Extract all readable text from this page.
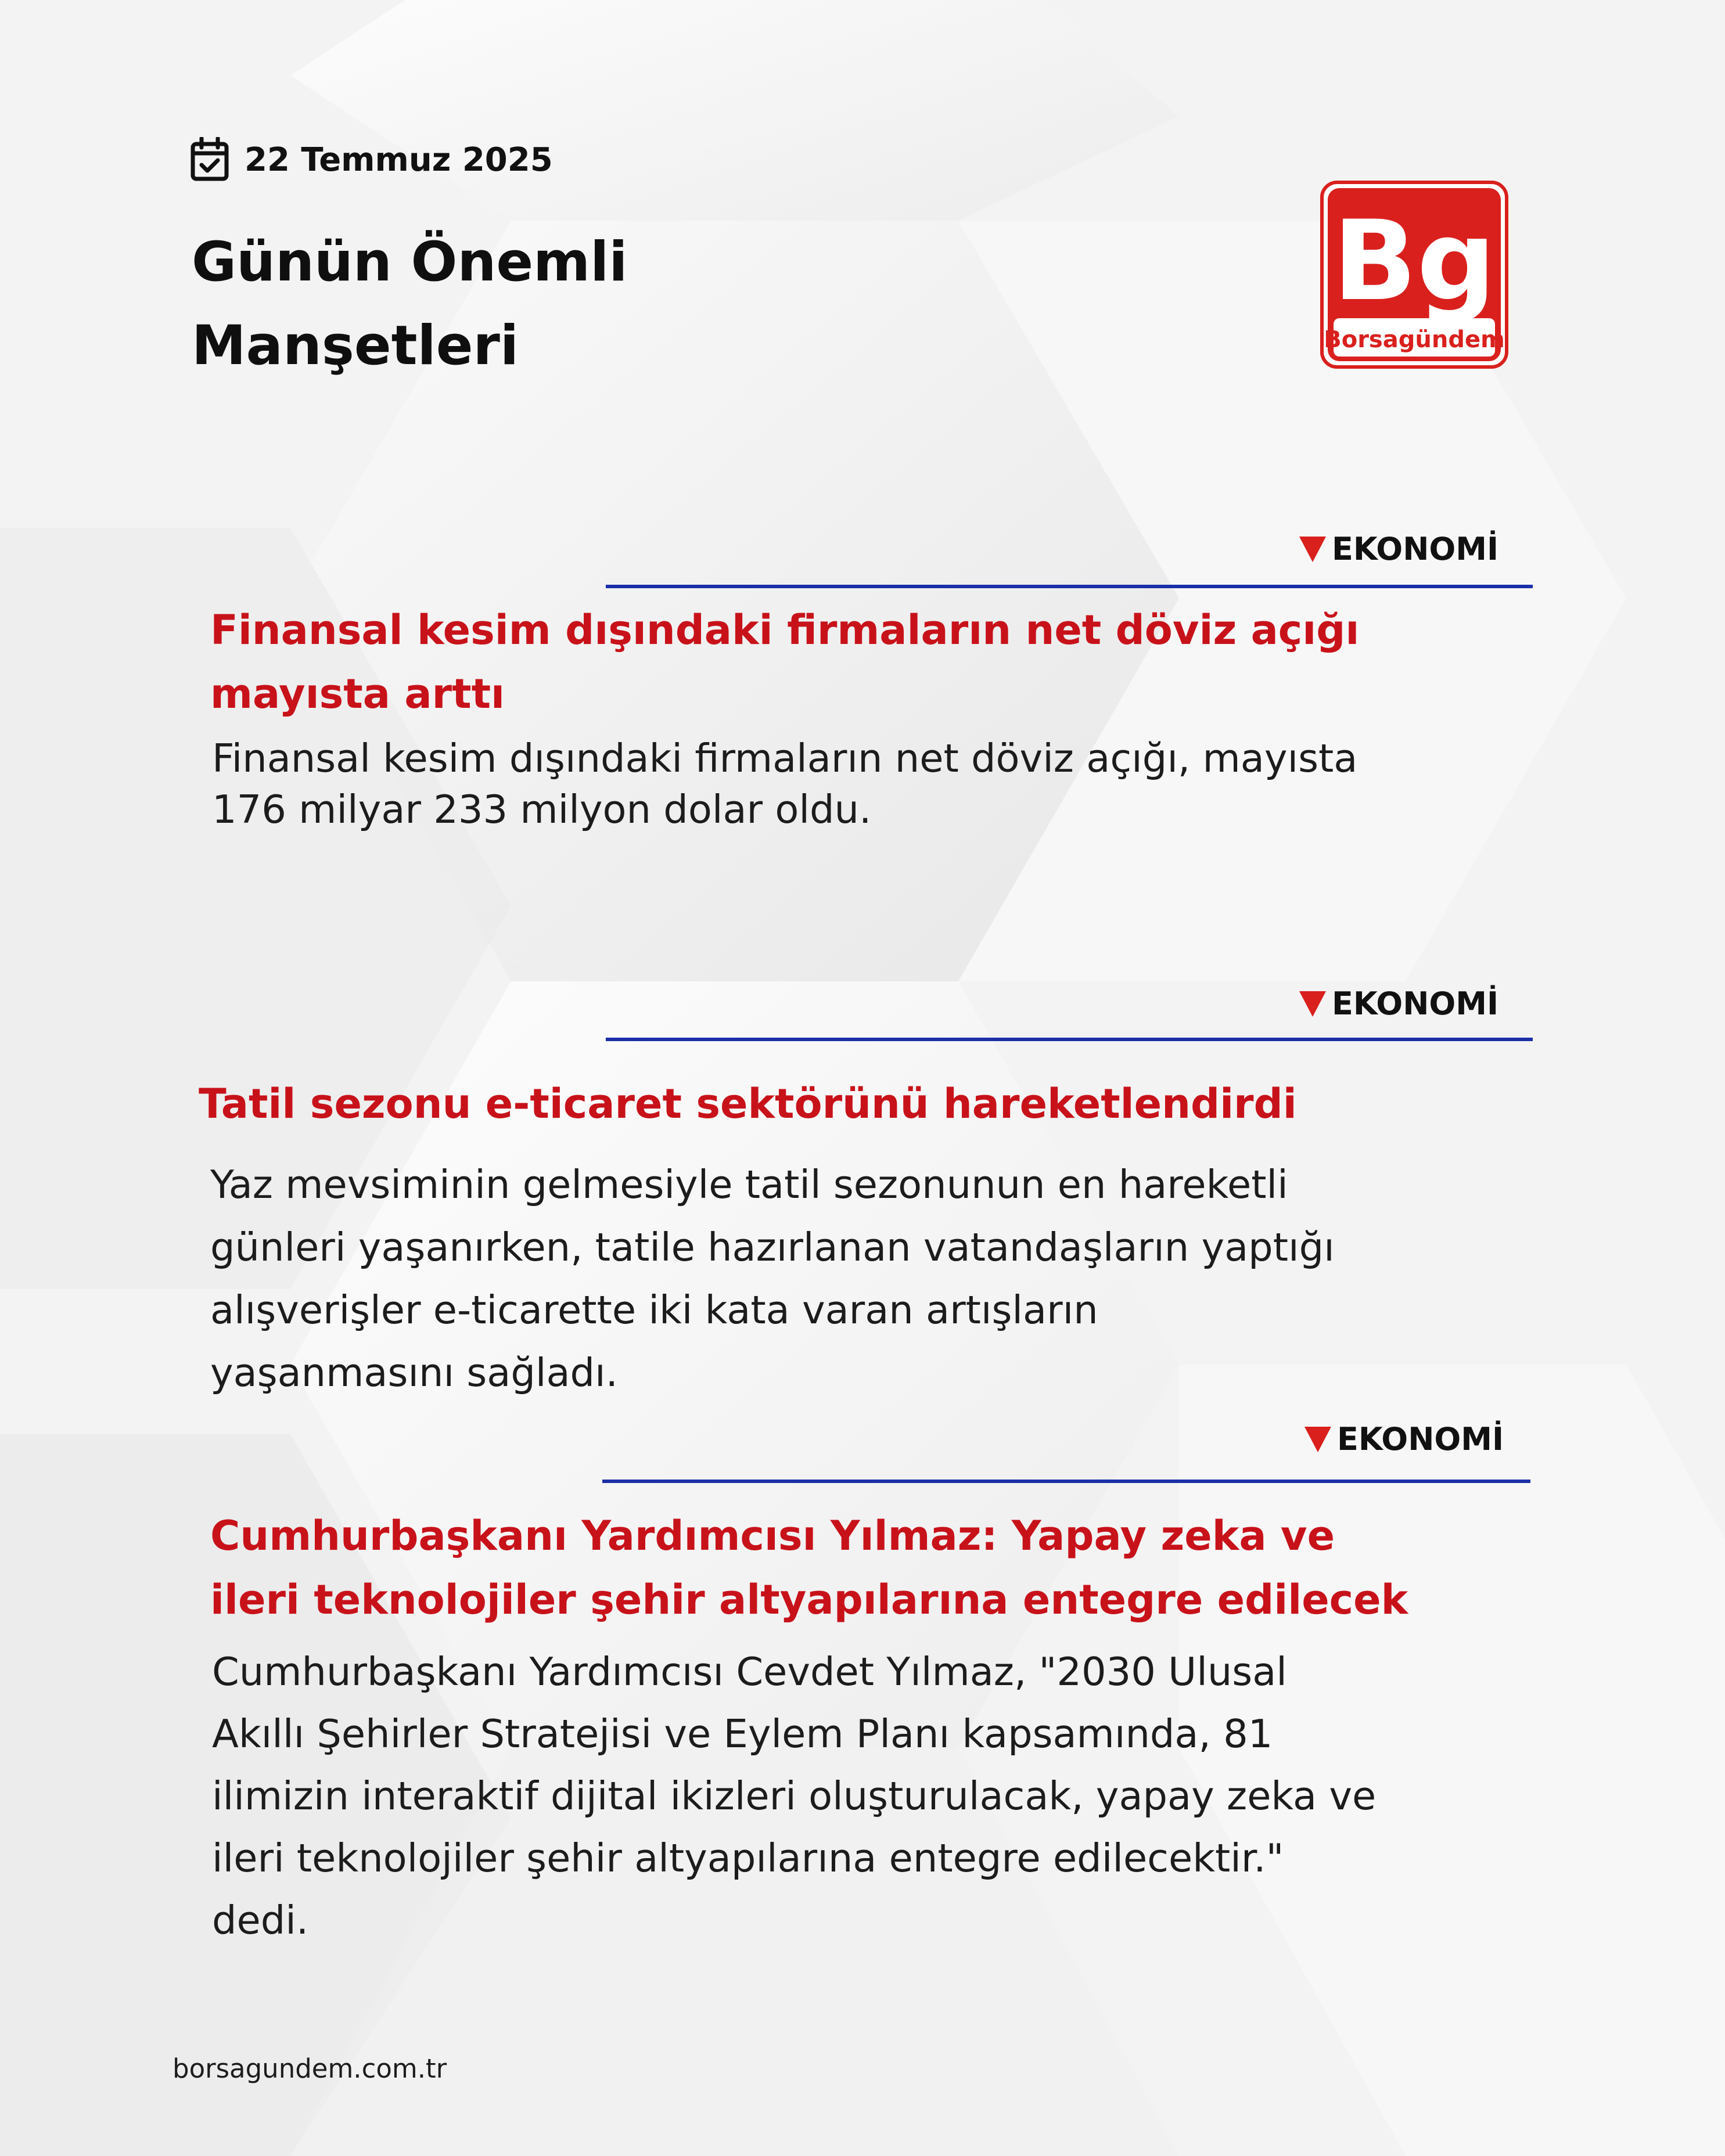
22 Temmuz 2025
Günün Önemli
Manşetleri
Bg
Borsagündem
EKONOMİ
Finansal kesim dışındaki firmaların net döviz açığı
mayısta arttı
Finansal kesim dışındaki firmaların net döviz açığı, mayısta
176 milyar 233 milyon dolar oldu.
EKONOMİ
Tatil sezonu e-ticaret sektörünü hareketlendirdi
Yaz mevsiminin gelmesiyle tatil sezonunun en hareketli
günleri yaşanırken, tatile hazırlanan vatandaşların yaptığı
alışverişler e-ticarette iki kata varan artışların
yaşanmasını sağladı.
EKONOMİ
Cumhurbaşkanı Yardımcısı Yılmaz: Yapay zeka ve
ileri teknolojiler şehir altyapılarına entegre edilecek
Cumhurbaşkanı Yardımcısı Cevdet Yılmaz, "2030 Ulusal
Akıllı Şehirler Stratejisi ve Eylem Planı kapsamında, 81
ilimizin interaktif dijital ikizleri oluşturulacak, yapay zeka ve
ileri teknolojiler şehir altyapılarına entegre edilecektir."
dedi.
borsagundem.com.tr
